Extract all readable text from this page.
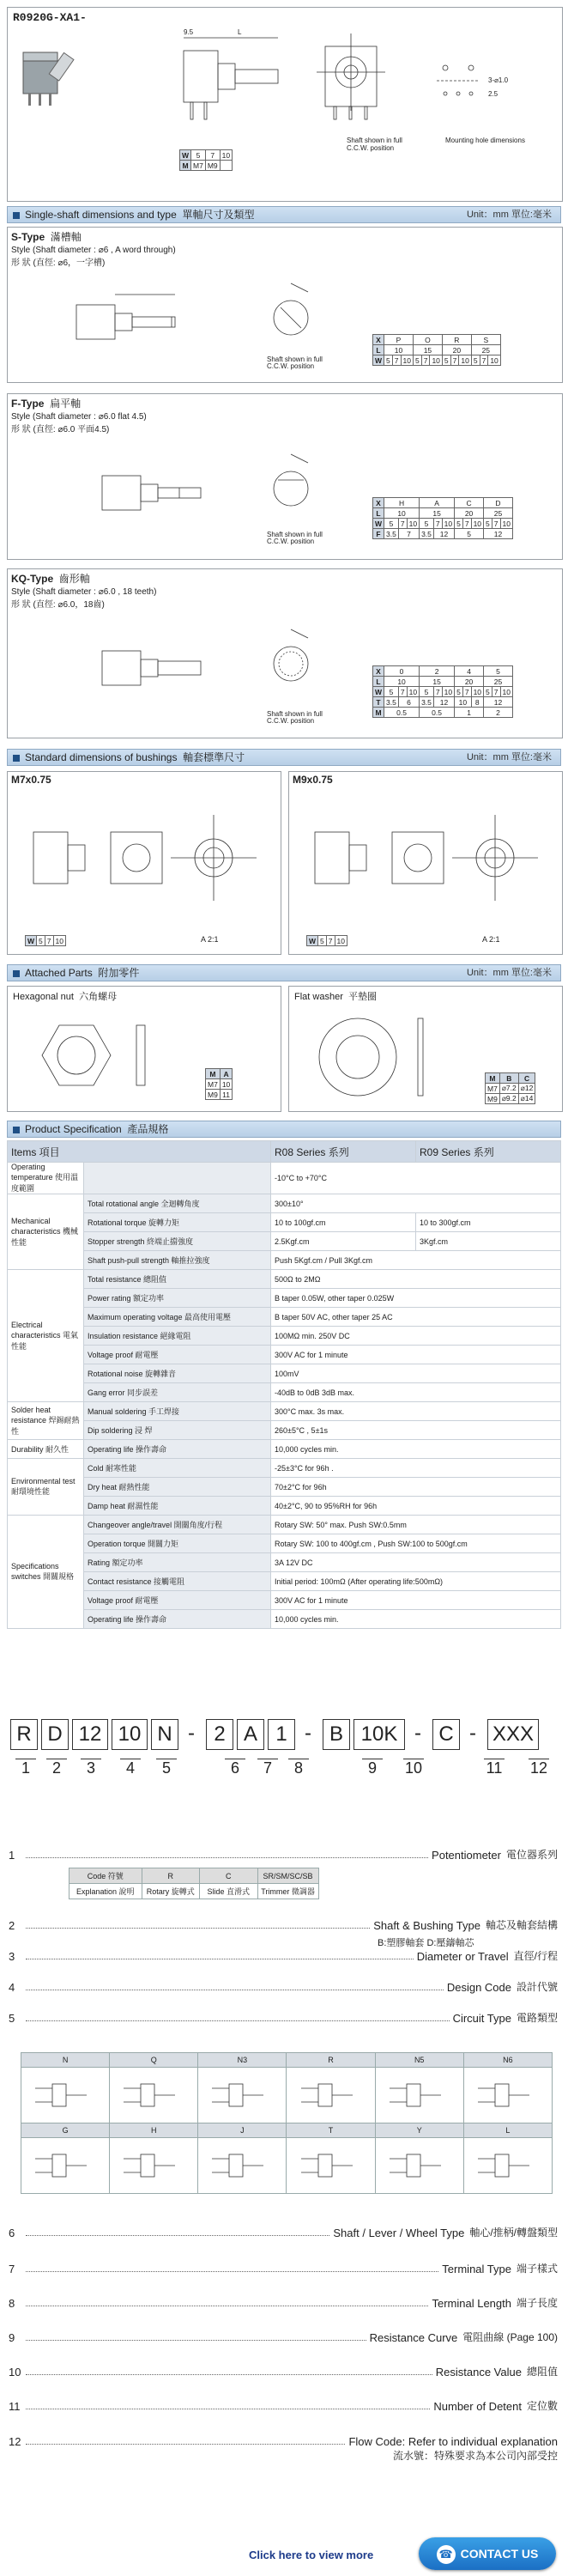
R0920G-XA1-
9.5	L
3-⌀1.0
2.5
Shaft shown in full C.C.W. position
Mounting hole dimensions
W	5	7	10
M	M7	M9	
Single-shaft dimensions and type 單軸尺寸及類型	Unit：mm 單位:毫米
S-Type 滿槽軸
Style (Shaft diameter : ⌀6 , A word through)
形 狀 (直徑: ⌀6，一字槽)
Shaft shown in full C.C.W. position
X	P			O			R			S		
L	10			15			20			25		
W	5	7	10	5	7	10	5	7	10	5	7	10
F-Type 扁平軸
Style (Shaft diameter : ⌀6.0 flat 4.5)
形 狀 (直徑: ⌀6.0 平面4.5)
Shaft shown in full C.C.W. position
X	H			A			C			D		
L	10			15			20			25		
W	5	7	10	5	7	10	5	7	10	5	7	10
F	3.5	7		3.5	12		5			12		
KQ-Type 齒形軸
Style (Shaft diameter : ⌀6.0 , 18 teeth)
形 狀 (直徑: ⌀6.0，18齒)
Shaft shown in full C.C.W. position
X	0			2			4			5		
L	10			15			20			25		
W	5	7	10	5	7	10	5	7	10	5	7	10
T	3.5	6		3.5	12		10		8	12		
M	0.5			0.5			1			2		
Standard dimensions of bushings 軸套標準尺寸	Unit：mm 單位:毫米
M7x0.75
W	5	7	10	A 2:1
M9x0.75
W	5	7	10	A 2:1
Attached Parts 附加零件	Unit：mm 單位:毫米
Hexagonal nut 六角螺母
M	A
M7	10
M9	11
Flat washer 平墊圈
M	B	C
M7	⌀7.2	⌀12
M9	⌀9.2	⌀14
Product Specification 產品規格
Items 項目		R08 Series 系列	R09 Series 系列
Operating temperature 使用溫度範圍		-10°C to +70°C	
Mechanical characteristics 機械性能	Total rotational angle 全迴轉角度	300±10°	
	Rotational torque 旋轉力矩	10 to 100gf.cm	10 to 300gf.cm
	Stopper strength 終端止擋強度	2.5Kgf.cm	3Kgf.cm
	Shaft push-pull strength 軸推拉強度	Push 5Kgf.cm / Pull 3Kgf.cm	
Electrical characteristics 電氣性能	Total resistance 總阻值	500Ω to 2MΩ	
	Power rating 額定功率	B taper 0.05W, other taper 0.025W	
	Maximum operating voltage 最高使用電壓	B taper 50V AC, other taper 25 AC	
	Insulation resistance 絕緣電阻	100MΩ min. 250V DC	
	Voltage proof 耐電壓	300V AC for 1 minute	
	Rotational noise 旋轉雜音	100mV	
	Gang error 同步誤差	-40dB to 0dB 3dB max.	
Solder heat resistance 焊錫耐熱性	Manual soldering 手工焊接	300°C max. 3s max.	
	Dip soldering 浸 焊	260±5°C , 5±1s	
Durability 耐久性	Operating life 操作壽命	10,000 cycles min.	
Environmental test 耐環境性能	Cold 耐寒性能	-25±3°C for 96h .	
	Dry heat 耐熱性能	70±2°C for 96h	
	Damp heat 耐濕性能	40±2°C, 90 to 95%RH for 96h	
Specifications switches 開關規格	Changeover angle/travel 開關角度/行程	Rotary SW: 50° max. Push SW:0.5mm	
	Operation torque 開關力矩	Rotary SW: 100 to 400gf.cm , Push SW:100 to 500gf.cm	
	Rating 額定功率	3A 12V DC	
	Contact resistance 接觸電阻	Initial period: 100mΩ (After operating life:500mΩ)	
	Voltage proof 耐電壓	300V AC for 1 minute	
	Operating life 操作壽命	10,000 cycles min.	
R D 12 10 N - 2 A 1 - B 10K - C - XXX
1	2	3	4	5	6	7	8	9	10	11 12
1	Potentiometer 電位器系列
2	Shaft & Bushing Type 軸芯及軸套結構
3	Diameter or Travel 直徑/行程
4	Design Code 設計代號
5	Circuit Type 電路類型
6	Shaft / Lever / Wheel Type 軸心/推柄/轉盤類型
7	Terminal Type 端子樣式
8	Terminal Length 端子長度
9	Resistance Curve 電阻曲線 (Page 100)
10	Resistance Value 總阻值
11	Number of Detent 定位數
12	Flow Code: Refer to individual explanation
流水號：特殊要求為本公司內部受控
Code 符號	R	C	SR/SM/SC/SB
Explanation 說明	Rotary 旋轉式	Slide 直滑式	Trimmer 微調器
B:塑膠軸套 D:壓鑄軸芯
N	Q	N3	R	N5	N6

G	H	J	T	Y	L

Click here to view more	☎ CONTACT US
